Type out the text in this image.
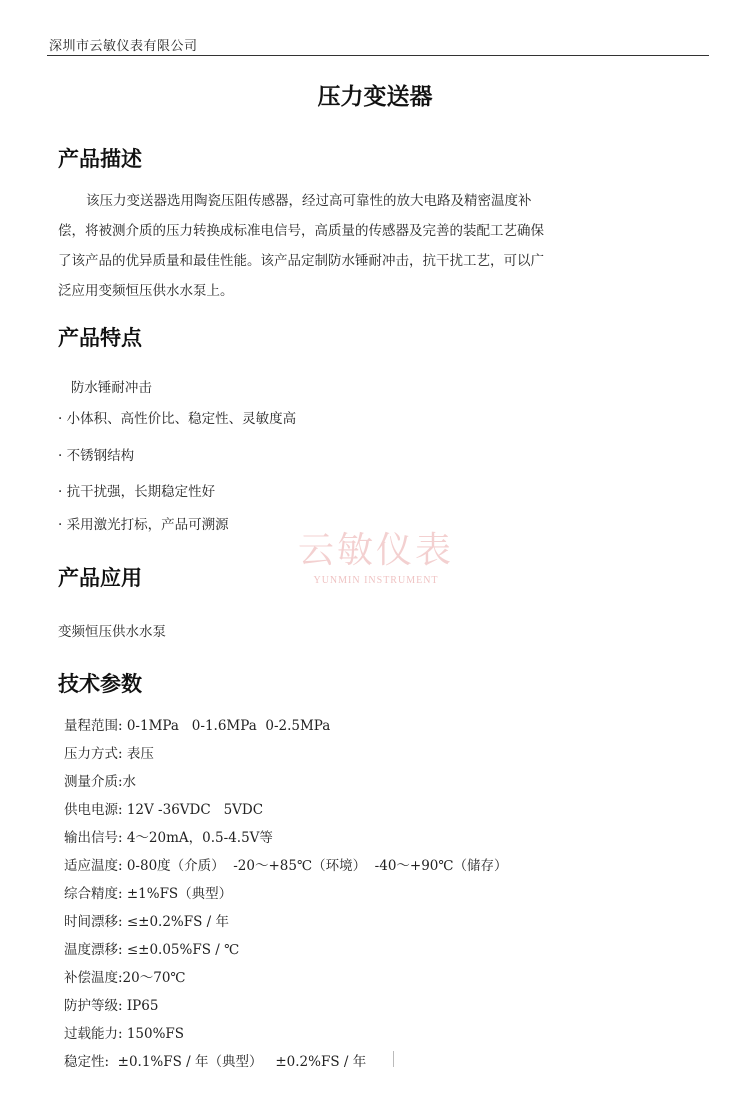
深圳市云敏仪表有限公司
压力变送器
产品描述
该压力变送器选用陶瓷压阻传感器，经过高可靠性的放大电路及精密温度补偿，将被测介质的压力转换成标准电信号，高质量的传感器及完善的装配工艺确保了该产品的优异质量和最佳性能。该产品定制防水锤耐冲击，抗干扰工艺，可以广泛应用变频恒压供水水泵上。
产品特点
防水锤耐冲击
· 小体积、高性价比、稳定性、灵敏度高
· 不锈钢结构
· 抗干扰强，长期稳定性好
· 采用激光打标，产品可溯源
云敏仪表
YUNMIN INSTRUMENT
产品应用
变频恒压供水水泵
技术参数
量程范围: 0-1MPa   0-1.6MPa  0-2.5MPa
压力方式: 表压
测量介质:水
供电电源: 12V -36VDC   5VDC
输出信号: 4～20mA，0.5-4.5V等
适应温度: 0-80度（介质）  -20～+85℃（环境）  -40～+90℃（储存）
综合精度: ±1%FS（典型）
时间漂移: ≤±0.2%FS / 年
温度漂移: ≤±0.05%FS / ℃
补偿温度:20～70℃
防护等级: IP65
过载能力: 150%FS
稳定性:  ±0.1%FS / 年（典型）   ±0.2%FS / 年
